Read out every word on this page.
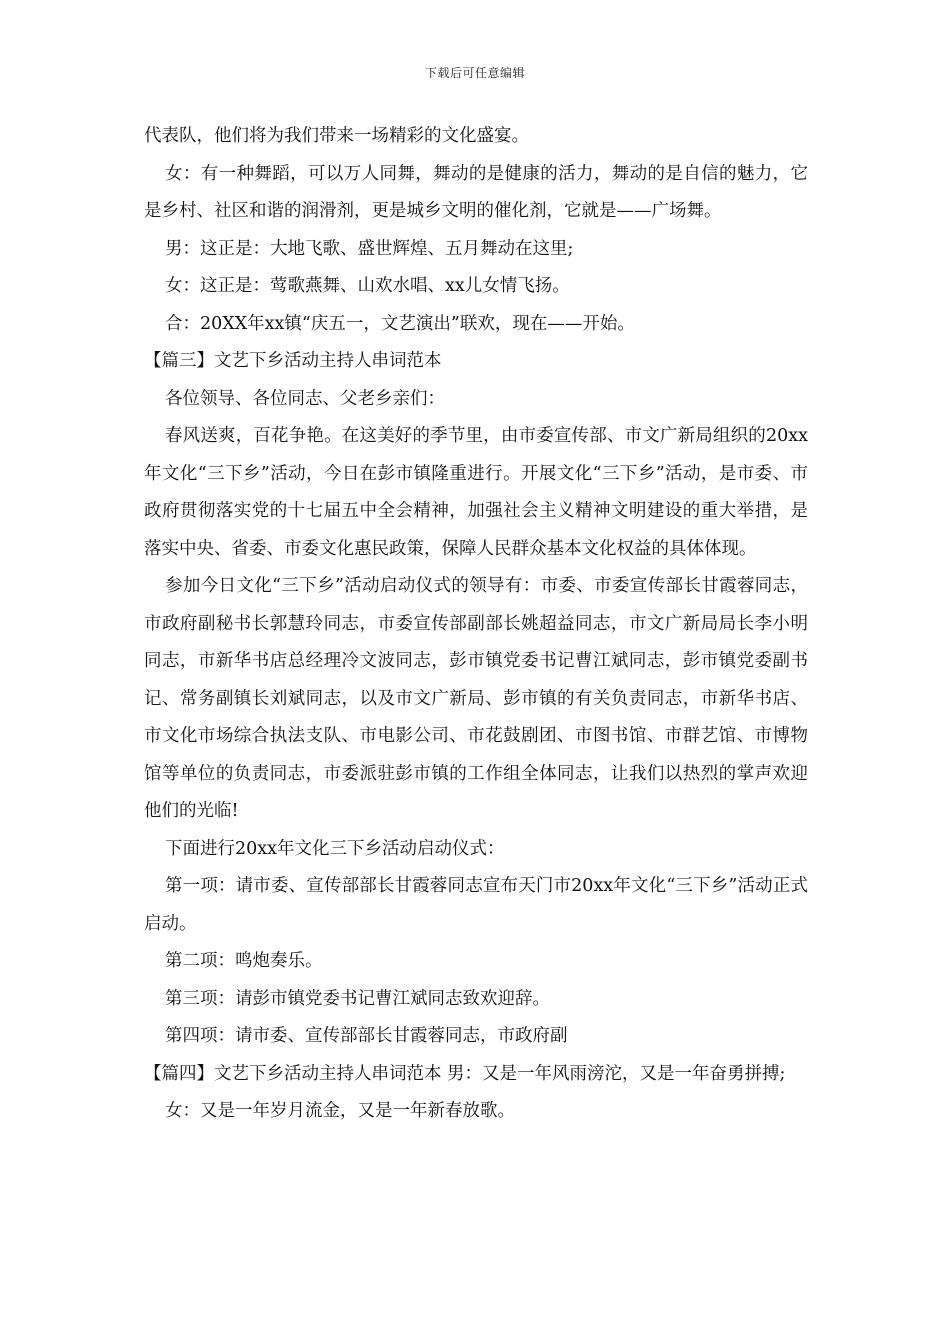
下载后可任意编辑

代表队，他们将为我们带来一场精彩的文化盛宴。

女：有一种舞蹈，可以万人同舞，舞动的是健康的活力，舞动的是自信的魅力，它是乡村、社区和谐的润滑剂，更是城乡文明的催化剂，它就是——广场舞。

男：这正是：大地飞歌、盛世辉煌、五月舞动在这里;

女：这正是：莺歌燕舞、山欢水唱、xx儿女情飞扬。

合：20XX年xx镇“庆五一，文艺演出”联欢，现在——开始。

【篇三】文艺下乡活动主持人串词范本

各位领导、各位同志、父老乡亲们：

春风送爽，百花争艳。在这美好的季节里，由市委宣传部、市文广新局组织的20xx年文化“三下乡”活动，今日在彭市镇隆重进行。开展文化“三下乡”活动，是市委、市政府贯彻落实党的十七届五中全会精神，加强社会主义精神文明建设的重大举措，是落实中央、省委、市委文化惠民政策，保障人民群众基本文化权益的具体体现。

参加今日文化“三下乡”活动启动仪式的领导有：市委、市委宣传部长甘霞蓉同志，市政府副秘书长郭慧玲同志，市委宣传部副部长姚超益同志，市文广新局局长李小明同志，市新华书店总经理冷文波同志，彭市镇党委书记曹江斌同志，彭市镇党委副书记、常务副镇长刘斌同志，以及市文广新局、彭市镇的有关负责同志，市新华书店、市文化市场综合执法支队、市电影公司、市花鼓剧团、市图书馆、市群艺馆、市博物馆等单位的负责同志，市委派驻彭市镇的工作组全体同志，让我们以热烈的掌声欢迎他们的光临!

下面进行20xx年文化三下乡活动启动仪式：

第一项：请市委、宣传部部长甘霞蓉同志宣布天门市20xx年文化“三下乡”活动正式启动。

第二项：鸣炮奏乐。

第三项：请彭市镇党委书记曹江斌同志致欢迎辞。

第四项：请市委、宣传部部长甘霞蓉同志，市政府副

【篇四】文艺下乡活动主持人串词范本 男：又是一年风雨滂沱，又是一年奋勇拼搏;

女：又是一年岁月流金，又是一年新春放歌。
